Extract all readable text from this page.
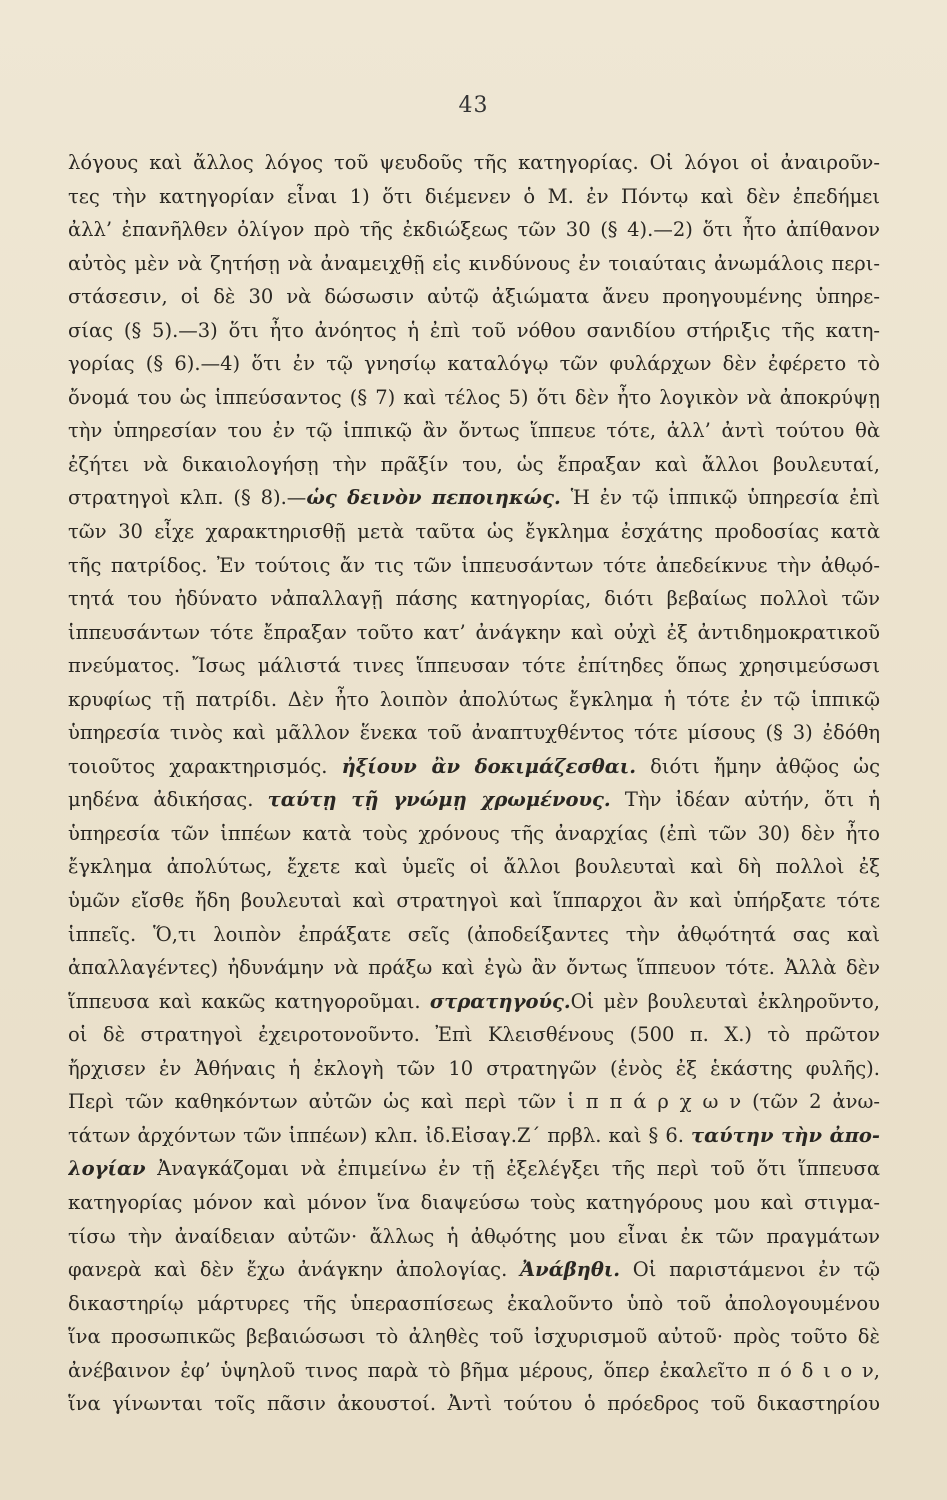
43
λόγους καὶ ἄλλος λόγος τοῦ ψευδοῦς τῆς κατηγορίας. Οἱ λόγοι οἱ ἀναιροῦν-
τες τὴν κατηγορίαν εἶναι 1) ὅτι διέμενεν ὁ Μ. ἐν Πόντῳ καὶ δὲν ἐπεδήμει
ἀλλ’ ἐπανῆλθεν ὀλίγον πρὸ τῆς ἐκδιώξεως τῶν 30 (§ 4).—2) ὅτι ἦτο ἀπίθανον
αὐτὸς μὲν νὰ ζητήσῃ νὰ ἀναμειχθῇ εἰς κινδύνους ἐν τοιαύταις ἀνωμάλοις περι-
στάσεσιν, οἱ δὲ 30 νὰ δώσωσιν αὐτῷ ἀξιώματα ἄνευ προηγουμένης ὑπηρε-
σίας (§ 5).—3) ὅτι ἦτο ἀνόητος ἡ ἐπὶ τοῦ νόθου σανιδίου στήριξις τῆς κατη-
γορίας (§ 6).—4) ὅτι ἐν τῷ γνησίῳ καταλόγῳ τῶν φυλάρχων δὲν ἐφέρετο τὸ
ὄνομά του ὡς ἱππεύσαντος (§ 7) καὶ τέλος 5) ὅτι δὲν ἦτο λογικὸν νὰ ἀποκρύψῃ
τὴν ὑπηρεσίαν του ἐν τῷ ἱππικῷ ἂν ὄντως ἵππευε τότε, ἀλλ’ ἀντὶ τούτου θὰ
ἐζήτει νὰ δικαιολογήσῃ τὴν πρᾶξίν του, ὡς ἔπραξαν καὶ ἄλλοι βουλευταί,
στρατηγοὶ κλπ. (§ 8).—ὡς δεινὸν πεποιηκώς. Ἡ ἐν τῷ ἱππικῷ ὑπηρεσία ἐπὶ
τῶν 30 εἶχε χαρακτηρισθῇ μετὰ ταῦτα ὡς ἔγκλημα ἐσχάτης προδοσίας κατὰ
τῆς πατρίδος. Ἐν τούτοις ἄν τις τῶν ἱππευσάντων τότε ἀπεδείκνυε τὴν ἀθῳό-
τητά του ἠδύνατο νἀπαλλαγῇ πάσης κατηγορίας, διότι βεβαίως πολλοὶ τῶν
ἱππευσάντων τότε ἔπραξαν τοῦτο κατ’ ἀνάγκην καὶ οὐχὶ ἐξ ἀντιδημοκρατικοῦ
πνεύματος. Ἴσως μάλιστά τινες ἵππευσαν τότε ἐπίτηδες ὅπως χρησιμεύσωσι
κρυφίως τῇ πατρίδι. Δὲν ἦτο λοιπὸν ἀπολύτως ἔγκλημα ἡ τότε ἐν τῷ ἱππικῷ
ὑπηρεσία τινὸς καὶ μᾶλλον ἕνεκα τοῦ ἀναπτυχθέντος τότε μίσους (§ 3) ἐδόθη
τοιοῦτος χαρακτηρισμός. ἠξίουν ἂν δοκιμάζεσθαι. διότι ἤμην ἀθῷος ὡς
μηδένα ἀδικήσας. ταύτῃ τῇ γνώμῃ χρωμένους. Τὴν ἰδέαν αὐτήν, ὅτι ἡ
ὑπηρεσία τῶν ἱππέων κατὰ τοὺς χρόνους τῆς ἀναρχίας (ἐπὶ τῶν 30) δὲν ἦτο
ἔγκλημα ἀπολύτως, ἔχετε καὶ ὑμεῖς οἱ ἄλλοι βουλευταὶ καὶ δὴ πολλοὶ ἐξ
ὑμῶν εἴσθε ἤδη βουλευταὶ καὶ στρατηγοὶ καὶ ἵππαρχοι ἂν καὶ ὑπήρξατε τότε
ἱππεῖς. Ὅ,τι λοιπὸν ἐπράξατε σεῖς (ἀποδείξαντες τὴν ἀθῳότητά σας καὶ
ἀπαλλαγέντες) ἠδυνάμην νὰ πράξω καὶ ἐγὼ ἂν ὄντως ἵππευον τότε. Ἀλλὰ δὲν
ἵππευσα καὶ κακῶς κατηγοροῦμαι. στρατηγούς.Οἱ μὲν βουλευταὶ ἐκληροῦντο,
οἱ δὲ στρατηγοὶ ἐχειροτονοῦντο. Ἐπὶ Κλεισθένους (500 π. Χ.) τὸ πρῶτον
ἤρχισεν ἐν Ἀθήναις ἡ ἐκλογὴ τῶν 10 στρατηγῶν (ἑνὸς ἐξ ἑκάστης φυλῆς).
Περὶ τῶν καθηκόντων αὐτῶν ὡς καὶ περὶ τῶν ἱ π π ά ρ χ ω ν (τῶν 2 ἀνω-
τάτων ἀρχόντων τῶν ἱππέων) κλπ. ἰδ.Εἰσαγ.Ζ΄ πρβλ. καὶ § 6. ταύτην τὴν ἀπο-
λογίαν Ἀναγκάζομαι νὰ ἐπιμείνω ἐν τῇ ἐξελέγξει τῆς περὶ τοῦ ὅτι ἵππευσα
κατηγορίας μόνον καὶ μόνον ἵνα διαψεύσω τοὺς κατηγόρους μου καὶ στιγμα-
τίσω τὴν ἀναίδειαν αὐτῶν· ἄλλως ἡ ἀθῳότης μου εἶναι ἐκ τῶν πραγμάτων
φανερὰ καὶ δὲν ἔχω ἀνάγκην ἀπολογίας. Ἀνάβηθι. Οἱ παριστάμενοι ἐν τῷ
δικαστηρίῳ μάρτυρες τῆς ὑπερασπίσεως ἐκαλοῦντο ὑπὸ τοῦ ἀπολογουμένου
ἵνα προσωπικῶς βεβαιώσωσι τὸ ἀληθὲς τοῦ ἰσχυρισμοῦ αὐτοῦ· πρὸς τοῦτο δὲ
ἀνέβαινον ἐφ’ ὑψηλοῦ τινος παρὰ τὸ βῆμα μέρους, ὅπερ ἐκαλεῖτο π ό δ ι ο ν,
ἵνα γίνωνται τοῖς πᾶσιν ἀκουστοί. Ἀντὶ τούτου ὁ πρόεδρος τοῦ δικαστηρίου
